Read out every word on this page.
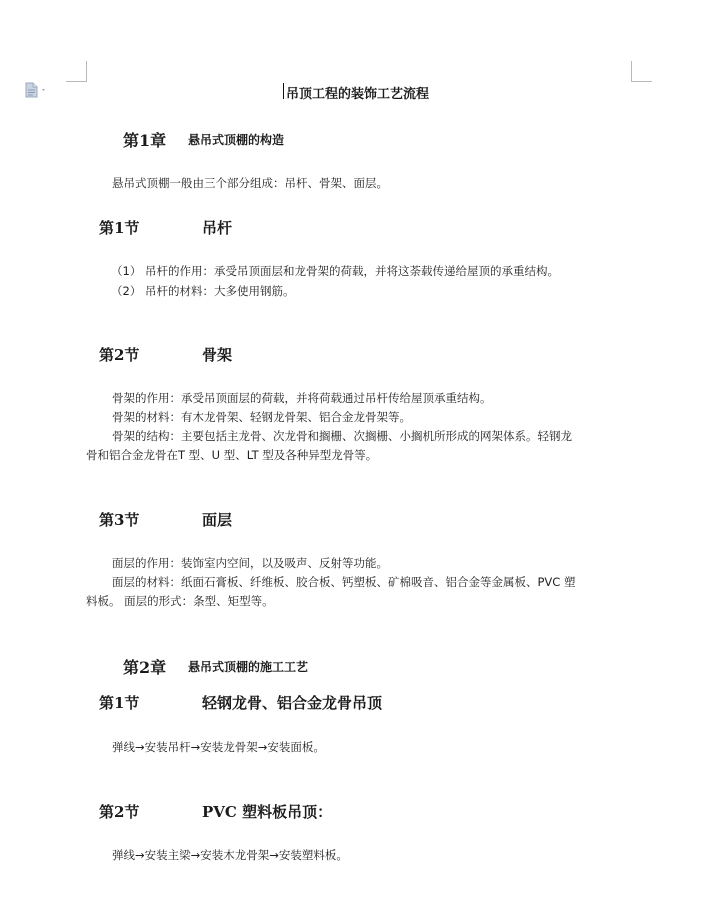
吊顶工程的装饰工艺流程

第1章 悬吊式顶棚的构造

悬吊式顶棚一般由三个部分组成：吊杆、骨架、面层。

第1节	吊杆

（1） 吊杆的作用：承受吊顶面层和龙骨架的荷载，并将这荼载传递给屋顶的承重结构。

（2） 吊杆的材料：大多使用钢筋。

第2节	骨架

骨架的作用：承受吊顶面层的荷载，并将荷载通过吊杆传给屋顶承重结构。

骨架的材料：有木龙骨架、轻钢龙骨架、铝合金龙骨架等。

骨架的结构：主要包括主龙骨、次龙骨和搁栅、次搁栅、小搁机所形成的网架体系。轻钢龙

骨和铝合金龙骨在T 型、U 型、LT 型及各种异型龙骨等。

第3节	面层

面层的作用：装饰室内空间，以及吸声、反射等功能。

面层的材料：纸面石膏板、纤维板、胶合板、钙塑板、矿棉吸音、铝合金等金属板、PVC 塑

料板。 面层的形式：条型、矩型等。

第2章 悬吊式顶棚的施工工艺

第1节	轻钢龙骨、铝合金龙骨吊顶

弹线→安装吊杆→安装龙骨架→安装面板。

第2节	PVC 塑料板吊顶：

弹线→安装主梁→安装木龙骨架→安装塑料板。
